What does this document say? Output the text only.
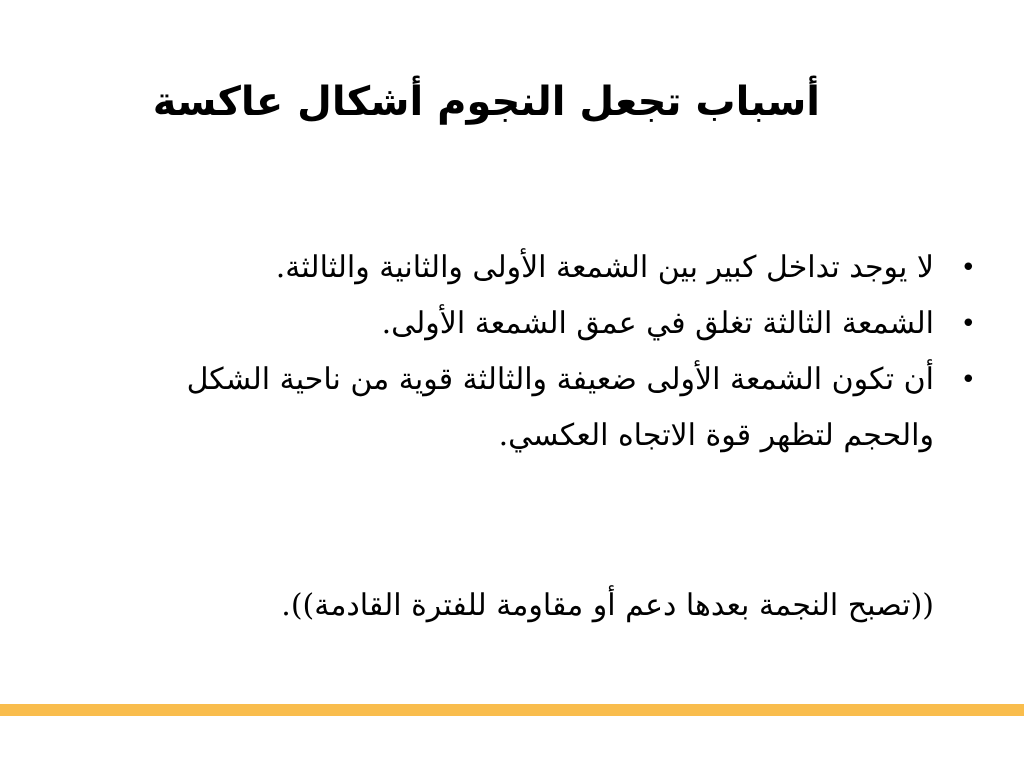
أسباب تجعل النجوم أشكال عاكسة
•
لا يوجد تداخل كبير بين الشمعة الأولى والثانية والثالثة.
•
الشمعة الثالثة تغلق في عمق الشمعة الأولى.
•
أن تكون الشمعة الأولى ضعيفة والثالثة قوية من ناحية الشكل والحجم لتظهر قوة الاتجاه العكسي.

((تصبح النجمة بعدها دعم أو مقاومة للفترة القادمة)).
